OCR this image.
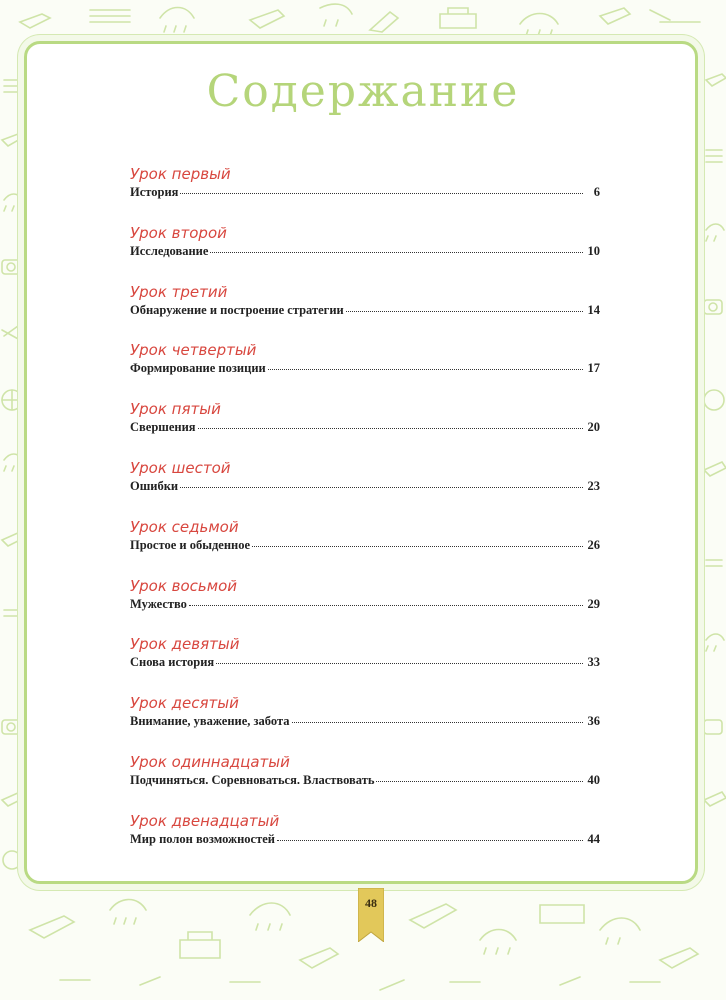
Содержание
Урок первый
История	6
Урок второй
Исследование	10
Урок третий
Обнаружение и построение стратегии	14
Урок четвертый
Формирование позиции	17
Урок пятый
Свершения	20
Урок шестой
Ошибки	23
Урок седьмой
Простое и обыденное	26
Урок восьмой
Мужество	29
Урок девятый
Снова история	33
Урок десятый
Внимание, уважение, забота	36
Урок одиннадцатый
Подчиняться. Соревноваться. Властвовать	40
Урок двенадцатый
Мир полон возможностей	44
48
